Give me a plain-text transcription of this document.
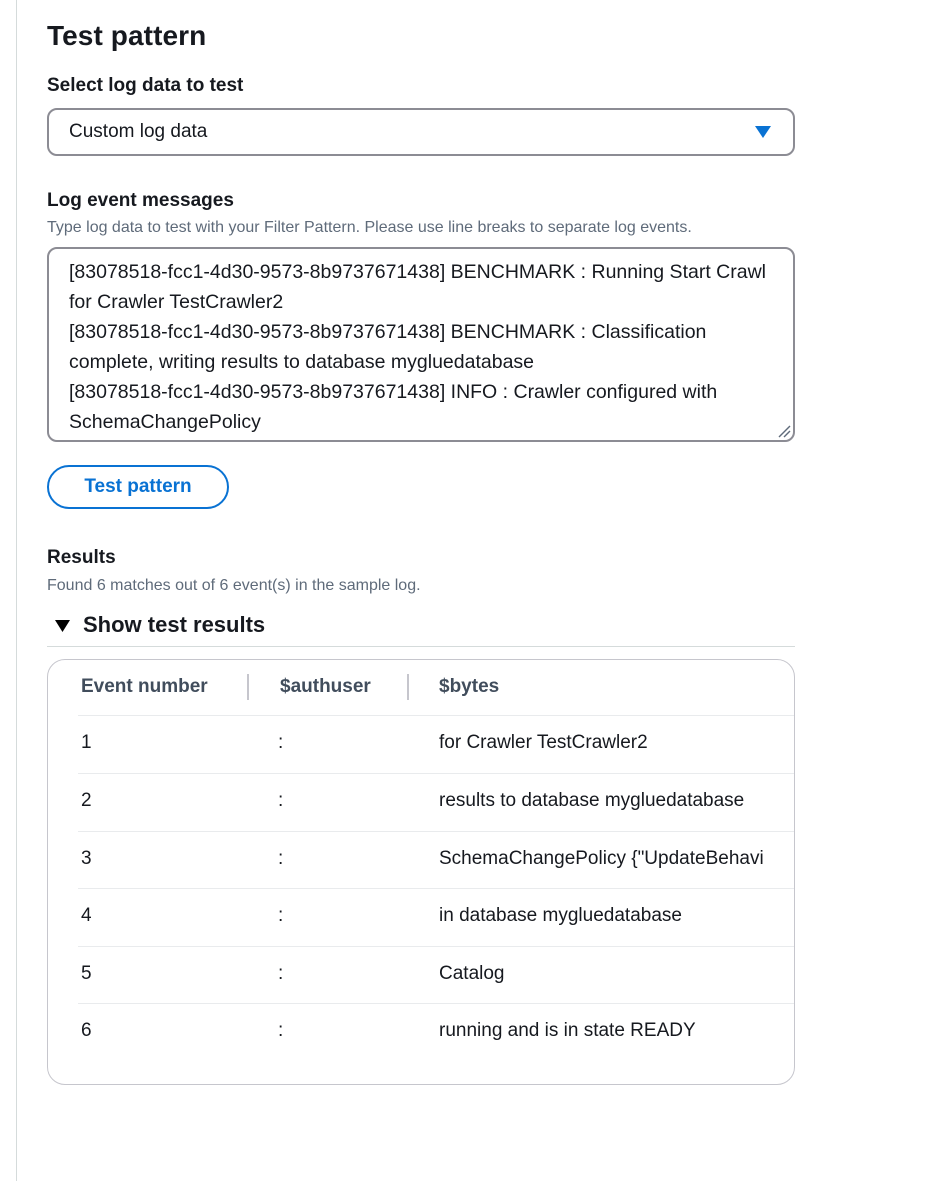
Test pattern
Select log data to test
Custom log data
Log event messages
Type log data to test with your Filter Pattern. Please use line breaks to separate log events.
[83078518-fcc1-4d30-9573-8b9737671438] BENCHMARK : Running Start Crawl for Crawler TestCrawler2
[83078518-fcc1-4d30-9573-8b9737671438] BENCHMARK : Classification complete, writing results to database mygluedatabase
[83078518-fcc1-4d30-9573-8b9737671438] INFO : Crawler configured with SchemaChangePolicy
Test pattern
Results
Found 6 matches out of 6 event(s) in the sample log.
Show test results
Event number	$authuser	$bytes
1	:	for Crawler TestCrawler2
2	:	results to database mygluedatabase
3	:	SchemaChangePolicy {"UpdateBehavi
4	:	in database mygluedatabase
5	:	Catalog
6	:	running and is in state READY
